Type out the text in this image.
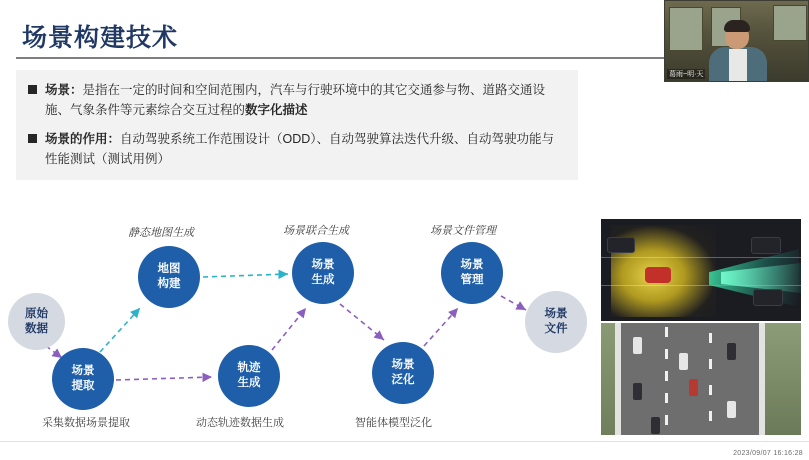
场景构建技术
场景：是指在一定的时间和空间范围内，汽车与行驶环境中的其它交通参与物、道路交通设施、气象条件等元素综合交互过程的数字化描述
场景的作用：自动驾驶系统工作范围设计（ODD）、自动驾驶算法迭代升级、自动驾驶功能与性能测试（测试用例）
葛雨~明·天
原始
数据
场景
提取
地图
构建
轨迹
生成
场景
生成
场景
泛化
场景
管理
场景
文件
静态地图生成	场景联合生成	场景文件管理
采集数据场景提取	动态轨迹数据生成	智能体模型泛化
2023/09/07 16:16:28
